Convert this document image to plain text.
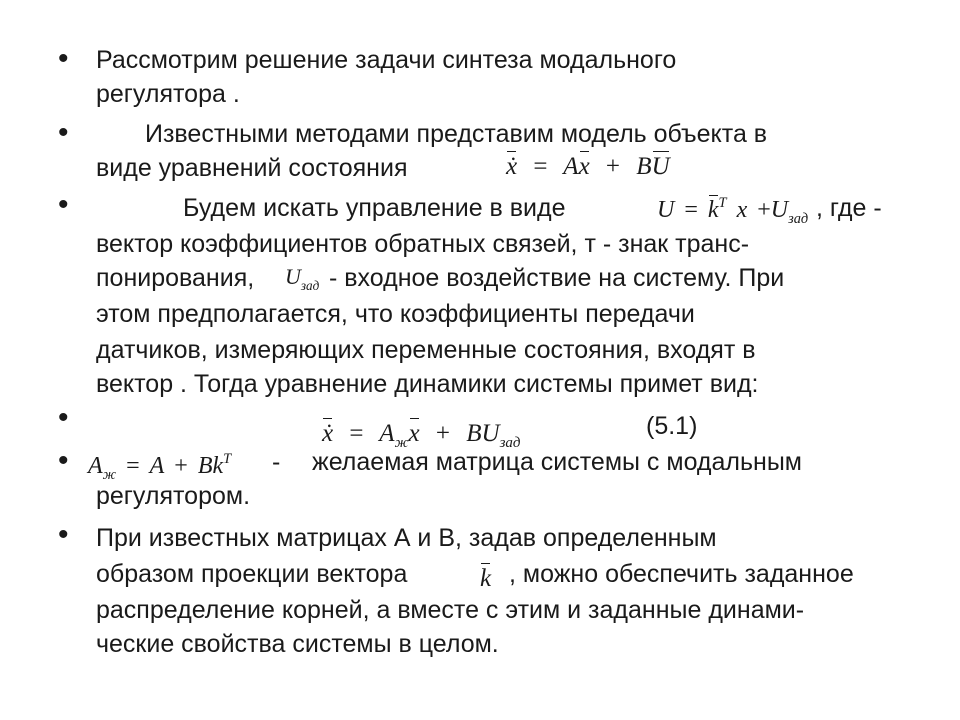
•
•
•
•
•
•
Рассмотрим решение задачи синтеза модального
регулятора .
Известными методами представим модель объекта в
виде уравнений состояния	ẋ = Ax + BU
Будем искать управление в виде	$U = k^T$ $x +U_{зад}$ , где -
вектор коэффициентов обратных связей, т - знак транс-
понирования, $U_{зад}$ - входное воздействие на систему. При
этом предполагается, что коэффициенты передачи
датчиков, измеряющих переменные состояния, входят в
вектор . Тогда уравнение динамики системы примет вид:
ẋ = $A_жx + BU_{зад}$
(5.1)
$A_ж = A + Bk^T$ - желаемая матрица системы с модальным
регулятором.
При известных матрицах А и В, задав определенным
образом проекции вектора	k , можно обеспечить заданное
распределение корней, а вместе с этим и заданные динами-
ческие свойства системы в целом.
